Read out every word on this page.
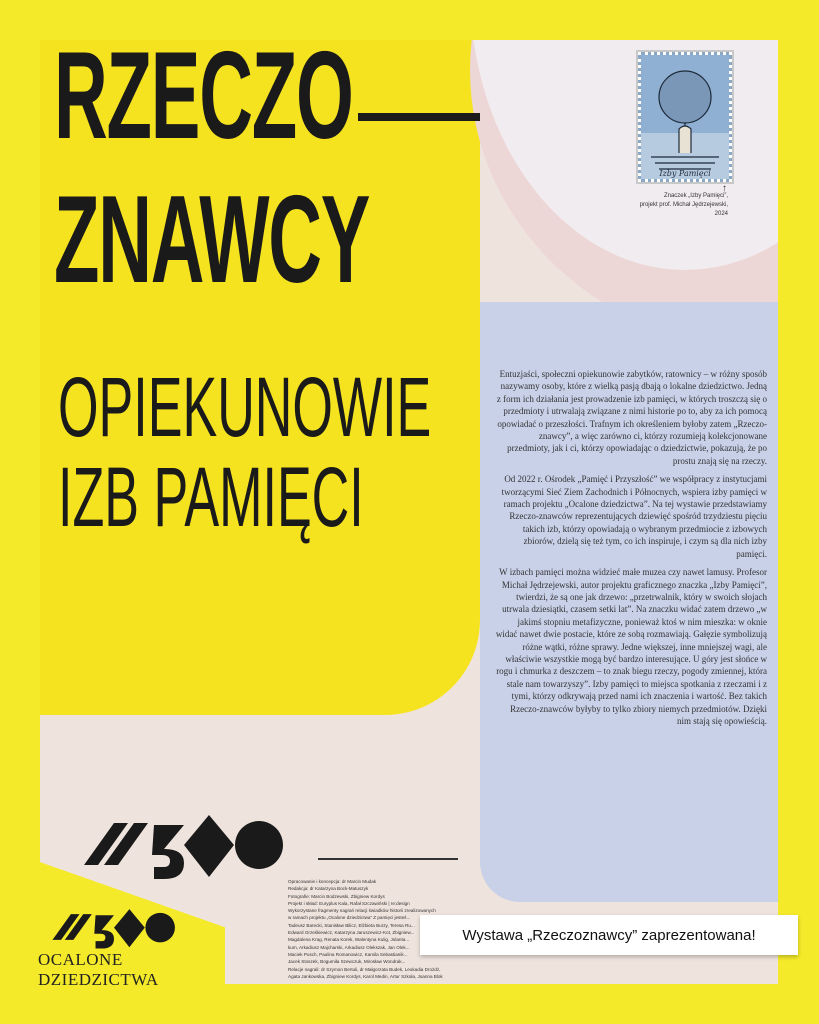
RZECZO
ZNAWCY
OPIEKUNOWIE
IZB PAMIĘCI
Izby Pamięci
↑
Znaczek „Izby Pamięci”,
projekt prof. Michał Jędrzejewski,
2024

Entuzjaści, społeczni opiekunowie zabytków, ratownicy – w różny sposób nazywamy osoby, które z wielką pasją dbają o lokalne dziedzictwo. Jedną z form ich działania jest prowadzenie izb pamięci, w których troszczą się o przedmioty i utrwalają związane z nimi historie po to, aby za ich pomocą opowiadać o przeszłości. Trafnym ich określeniem byłoby zatem „Rzeczo-znawcy”, a więc zarówno ci, którzy rozumieją kolekcjonowane przedmioty, jak i ci, którzy opowiadając o dziedzictwie, pokazują, że po prostu znają się na rzeczy.

Od 2022 r. Ośrodek „Pamięć i Przyszłość” we współpracy z instytucjami tworzącymi Sieć Ziem Zachodnich i Północnych, wspiera izby pamięci w ramach projektu „Ocalone dziedzictwa”. Na tej wystawie przedstawiamy Rzeczo-znawców reprezentujących dziewięć spośród trzydziestu pięciu takich izb, którzy opowiadają o wybranym przedmiocie z izbowych zbiorów, dzielą się też tym, co ich inspiruje, i czym są dla nich izby pamięci.

W izbach pamięci można widzieć małe muzea czy nawet lamusy. Profesor Michał Jędrzejewski, autor projektu graficznego znaczka „Izby Pamięci”, twierdzi, że są one jak drzewo: „przetrwalnik, który w swoich słojach utrwala dziesiątki, czasem setki lat”. Na znaczku widać zatem drzewo „w jakimś stopniu metafizyczne, ponieważ ktoś w nim mieszka: w oknie widać nawet dwie postacie, które ze sobą rozmawiają. Gałęzie symbolizują różne wątki, różne sprawy. Jedne większej, inne mniejszej wagi, ale właściwie wszystkie mogą być bardzo interesujące. U góry jest słońce w rogu i chmurka z deszczem – to znak biegu rzeczy, pogody zmiennej, która stale nam towarzyszy”. Izby pamięci to miejsca spotkania z rzeczami i z tymi, którzy odkrywają przed nami ich znaczenia i wartość. Bez takich Rzeczo-znawców byłyby to tylko zbiory niemych przedmiotów. Dzięki nim stają się opowieścią.

Opracowanie i koncepcja: dr Marcin Mudak
Redakcja: dr Katarzyna Bock-Matuszyk
Fotografie: Marcin Bodzewski, Zbigniew Kordys
Projekt i skład: Euryplus Kala, Rafał Szczawiński | re:design
Wykorzystane fragmenty nagrań relacji świadków historii zrealizowanych
w ramach projektu „Ocalone dziedzictwa” Z pamięci jesteś...
Tadeusz Barecki, Stanisław Bilicz, Elżbieta Burzy, Teresa Ru...
Edward Grześkiewicz, Katarzyna Jaruszewicz-Kot, Zbigniew...
Magdalena Krag, Renata Korek, Walentyna Kulig, Jolanta...
kum, Arkadiusz Majcharski, Arkadiusz Olekszak, Jan Olek...
Maciek Pusch, Paulina Romanowicz, Kamila Sebastianik...
Jacek Stoszek, Bogumiła Szewczuk, Mirosław Wondrak...
Relacje nagrali: dr Szymon Bertuli, dr Małgorzata Budek, Leokadia Drożdż,
Agata Jankowska, Zbigniew Kordys, Karol Medin, Artur Szkoła, Joanna Blok
OCALONE
DZIEDZICTWA
Wystawa „Rzeczoznawcy” zaprezentowana!
